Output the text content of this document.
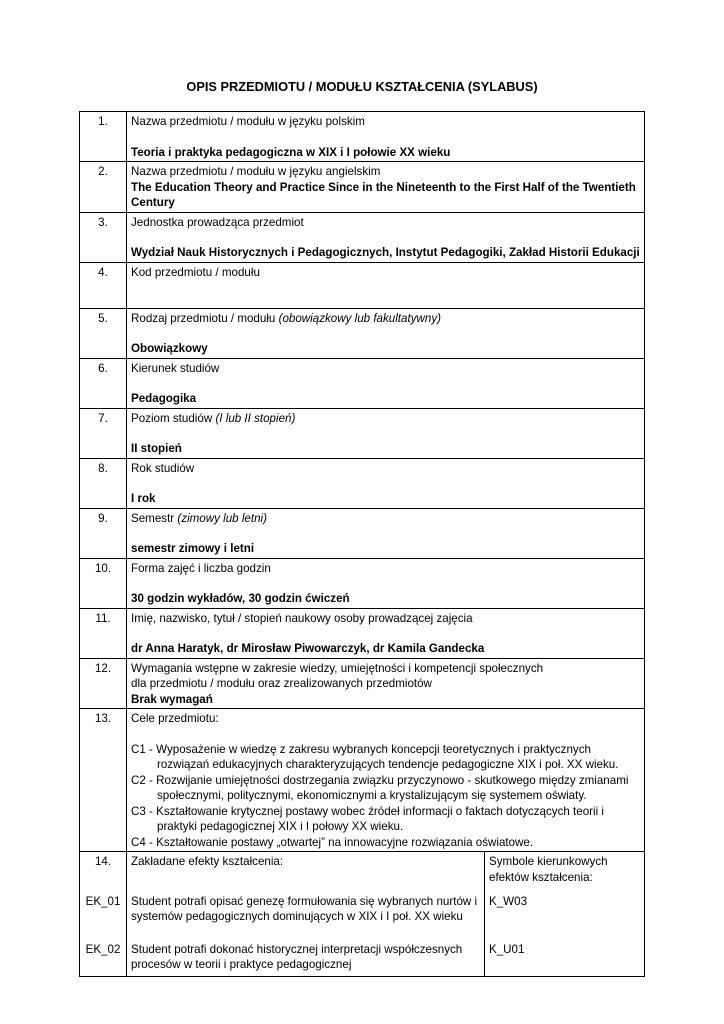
OPIS PRZEDMIOTU / MODUŁU KSZTAŁCENIA (SYLABUS)
1.	Nazwa przedmiotu / modułu w języku polskim
Teoria i praktyka pedagogiczna w XIX i I połowie XX wieku	

2.	Nazwa przedmiotu / modułu w języku angielskim
The Education Theory and Practice Since in the Nineteenth to the First Half of the Twentieth Century	

3.	Jednostka prowadząca przedmiot
Wydział Nauk Historycznych i Pedagogicznych, Instytut Pedagogiki, Zakład Historii Edukacji	

4.	Kod przedmiotu / modułu	

5.	Rodzaj przedmiotu / modułu (obowiązkowy lub fakultatywny)
Obowiązkowy	

6.	Kierunek studiów
Pedagogika	

7.	Poziom studiów (I lub II stopień)
II stopień	

8.	Rok studiów
I rok	

9.	Semestr (zimowy lub letni)
semestr zimowy i letni	

10.	Forma zajęć i liczba godzin
30 godzin wykładów, 30 godzin ćwiczeń	

11.	Imię, nazwisko, tytuł / stopień naukowy osoby prowadzącej zajęcia
dr Anna Haratyk, dr Mirosław Piwowarczyk, dr Kamila Gandecka	

12.	Wymagania wstępne w zakresie wiedzy, umiejętności i kompetencji społecznych
dla przedmiotu / modułu oraz zrealizowanych przedmiotów
Brak wymagań	

13.	Cele przedmiotu:
C1 - Wyposażenie w wiedzę z zakresu wybranych koncepcji teoretycznych i praktycznych rozwiązań edukacyjnych charakteryzujących tendencje pedagogiczne XIX i poł. XX wieku.
C2 - Rozwijanie umiejętności dostrzegania związku przyczynowo - skutkowego między zmianami społecznymi, politycznymi, ekonomicznymi a krystalizującym się systemem oświaty.
C3 - Kształtowanie krytycznej postawy wobec źródeł informacji o faktach dotyczących teorii i praktyki pedagogicznej XIX i I połowy XX wieku.
C4 - Kształtowanie postawy „otwartej” na innowacyjne rozwiązania oświatowe.	

14.	Zakładane efekty kształcenia:	Symbole kierunkowych efektów kształcenia:
EK_01	Student potrafi opisać genezę formułowania się wybranych nurtów i systemów pedagogicznych dominujących w XIX i I poł. XX wieku	K_W03
EK_02	Student potrafi dokonać historycznej interpretacji współczesnych procesów w teorii i praktyce pedagogicznej	K_U01
